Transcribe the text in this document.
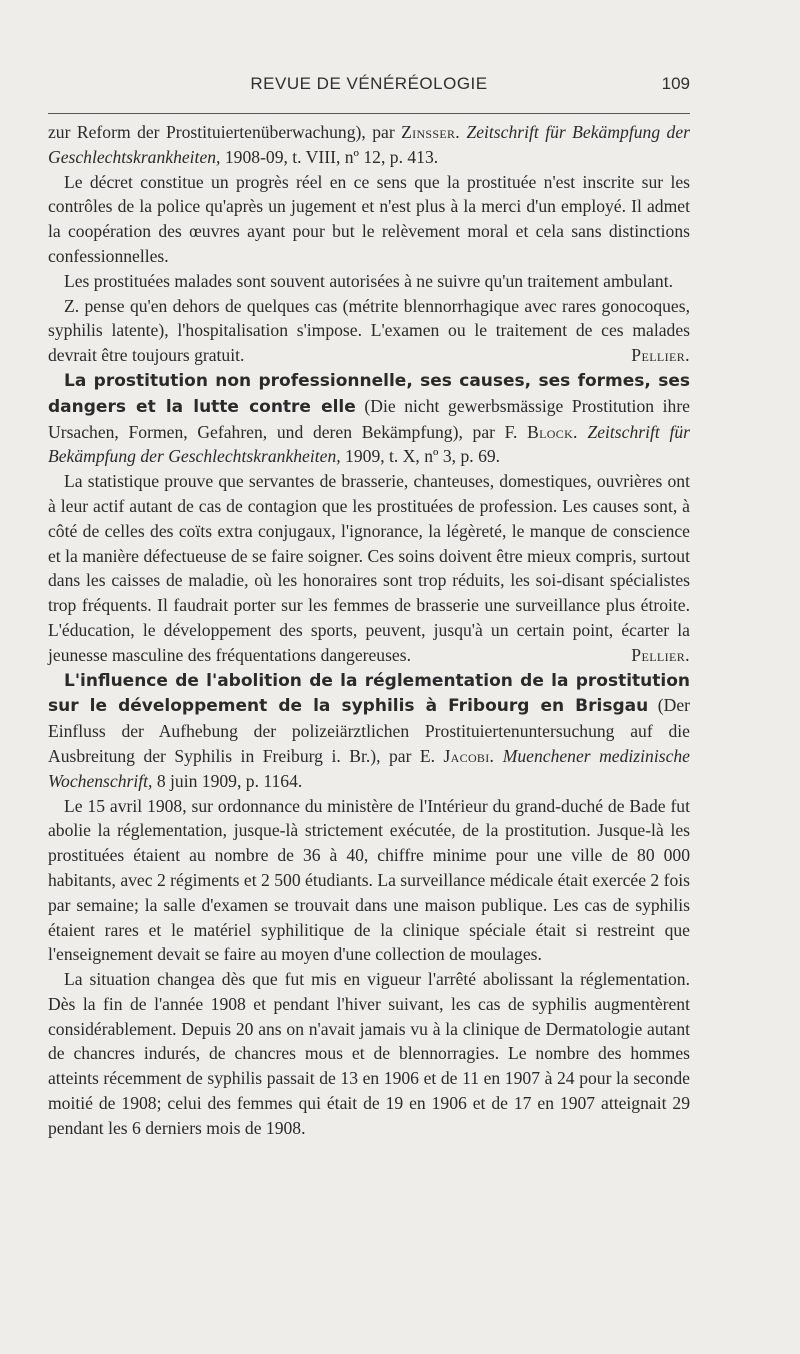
REVUE DE VÉNÉRÉOLOGIE	109

zur Reform der Prostituiertenüberwachung), par Zinsser. Zeitschrift für Bekämpfung der Geschlechtskrankheiten, 1908-09, t. VIII, nº 12, p. 413.

Le décret constitue un progrès réel en ce sens que la prostituée n'est inscrite sur les contrôles de la police qu'après un jugement et n'est plus à la merci d'un employé. Il admet la coopération des œuvres ayant pour but le relèvement moral et cela sans distinctions confessionnelles.

Les prostituées malades sont souvent autorisées à ne suivre qu'un traitement ambulant.

Z. pense qu'en dehors de quelques cas (métrite blennorrhagique avec rares gonocoques, syphilis latente), l'hospitalisation s'impose. L'examen ou le traitement de ces malades devrait être toujours gratuit.	Pellier.

La prostitution non professionnelle, ses causes, ses formes, ses dangers et la lutte contre elle (Die nicht gewerbsmässige Prostitution ihre Ursachen, Formen, Gefahren, und deren Bekämpfung), par F. Block. Zeitschrift für Bekämpfung der Geschlechtskrankheiten, 1909, t. X, nº 3, p. 69.

La statistique prouve que servantes de brasserie, chanteuses, domestiques, ouvrières ont à leur actif autant de cas de contagion que les prostituées de profession. Les causes sont, à côté de celles des coïts extra conjugaux, l'ignorance, la légèreté, le manque de conscience et la manière défectueuse de se faire soigner. Ces soins doivent être mieux compris, surtout dans les caisses de maladie, où les honoraires sont trop réduits, les soi-disant spécialistes trop fréquents. Il faudrait porter sur les femmes de brasserie une surveillance plus étroite. L'éducation, le développement des sports, peuvent, jusqu'à un certain point, écarter la jeunesse masculine des fréquentations dangereuses.	Pellier.

L'influence de l'abolition de la réglementation de la prostitution sur le développement de la syphilis à Fribourg en Brisgau (Der Einfluss der Aufhebung der polizeiärztlichen Prostituiertenuntersuchung auf die Ausbreitung der Syphilis in Freiburg i. Br.), par E. Jacobi. Muenchener medizinische Wochenschrift, 8 juin 1909, p. 1164.

Le 15 avril 1908, sur ordonnance du ministère de l'Intérieur du grand-duché de Bade fut abolie la réglementation, jusque-là strictement exécutée, de la prostitution. Jusque-là les prostituées étaient au nombre de 36 à 40, chiffre minime pour une ville de 80 000 habitants, avec 2 régiments et 2 500 étudiants. La surveillance médicale était exercée 2 fois par semaine; la salle d'examen se trouvait dans une maison publique. Les cas de syphilis étaient rares et le matériel syphilitique de la clinique spéciale était si restreint que l'enseignement devait se faire au moyen d'une collection de moulages.

La situation changea dès que fut mis en vigueur l'arrêté abolissant la réglementation. Dès la fin de l'année 1908 et pendant l'hiver suivant, les cas de syphilis augmentèrent considérablement. Depuis 20 ans on n'avait jamais vu à la clinique de Dermatologie autant de chancres indurés, de chancres mous et de blennorragies. Le nombre des hommes atteints récemment de syphilis passait de 13 en 1906 et de 11 en 1907 à 24 pour la seconde moitié de 1908; celui des femmes qui était de 19 en 1906 et de 17 en 1907 atteignait 29 pendant les 6 derniers mois de 1908.
